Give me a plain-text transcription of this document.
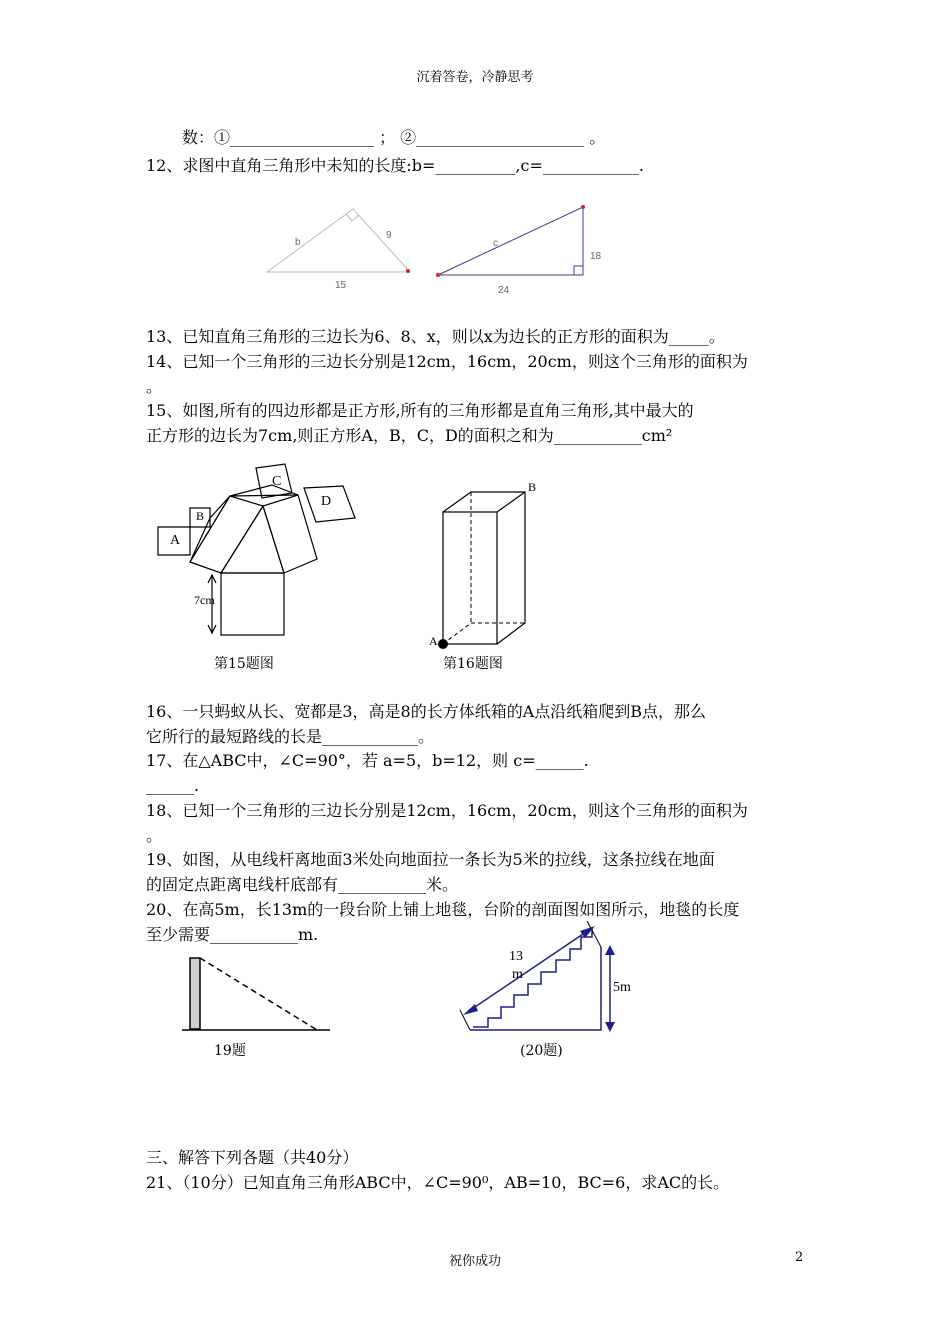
沉着答卷，冷静思考
数：①__________________ ； ②_____________________ 。
12、求图中直角三角形中未知的长度:b=__________,c=____________.
b
9
15
c
18
24
13、已知直角三角形的三边长为6、8、x，则以x为边长的正方形的面积为_____。
14、已知一个三角形的三边长分别是12cm，16cm，20cm，则这个三角形的面积为
。
15、如图,所有的四边形都是正方形,所有的三角形都是直角三角形,其中最大的
正方形的边长为7cm,则正方形A，B，C，D的面积之和为___________cm²
A
B
C
D
7cm
第15题图
A
B
第16题图
16、一只蚂蚁从长、宽都是3，高是8的长方体纸箱的A点沿纸箱爬到B点，那么
它所行的最短路线的长是____________。
17、在△ABC中，∠C=90°，若 a=5，b=12，则 c=______.
______.
18、已知一个三角形的三边长分别是12cm，16cm，20cm，则这个三角形的面积为
。
19、如图，从电线杆离地面3米处向地面拉一条长为5米的拉线，这条拉线在地面
的固定点距离电线杆底部有___________米。
20、在高5m，长13m的一段台阶上铺上地毯，台阶的剖面图如图所示，地毯的长度
至少需要___________m.
19题
13
m
5m
(20题)
三、解答下列各题（共40分）
21、（10分）已知直角三角形ABC中，∠C=90⁰，AB=10，BC=6，求AC的长。
祝你成功	2
